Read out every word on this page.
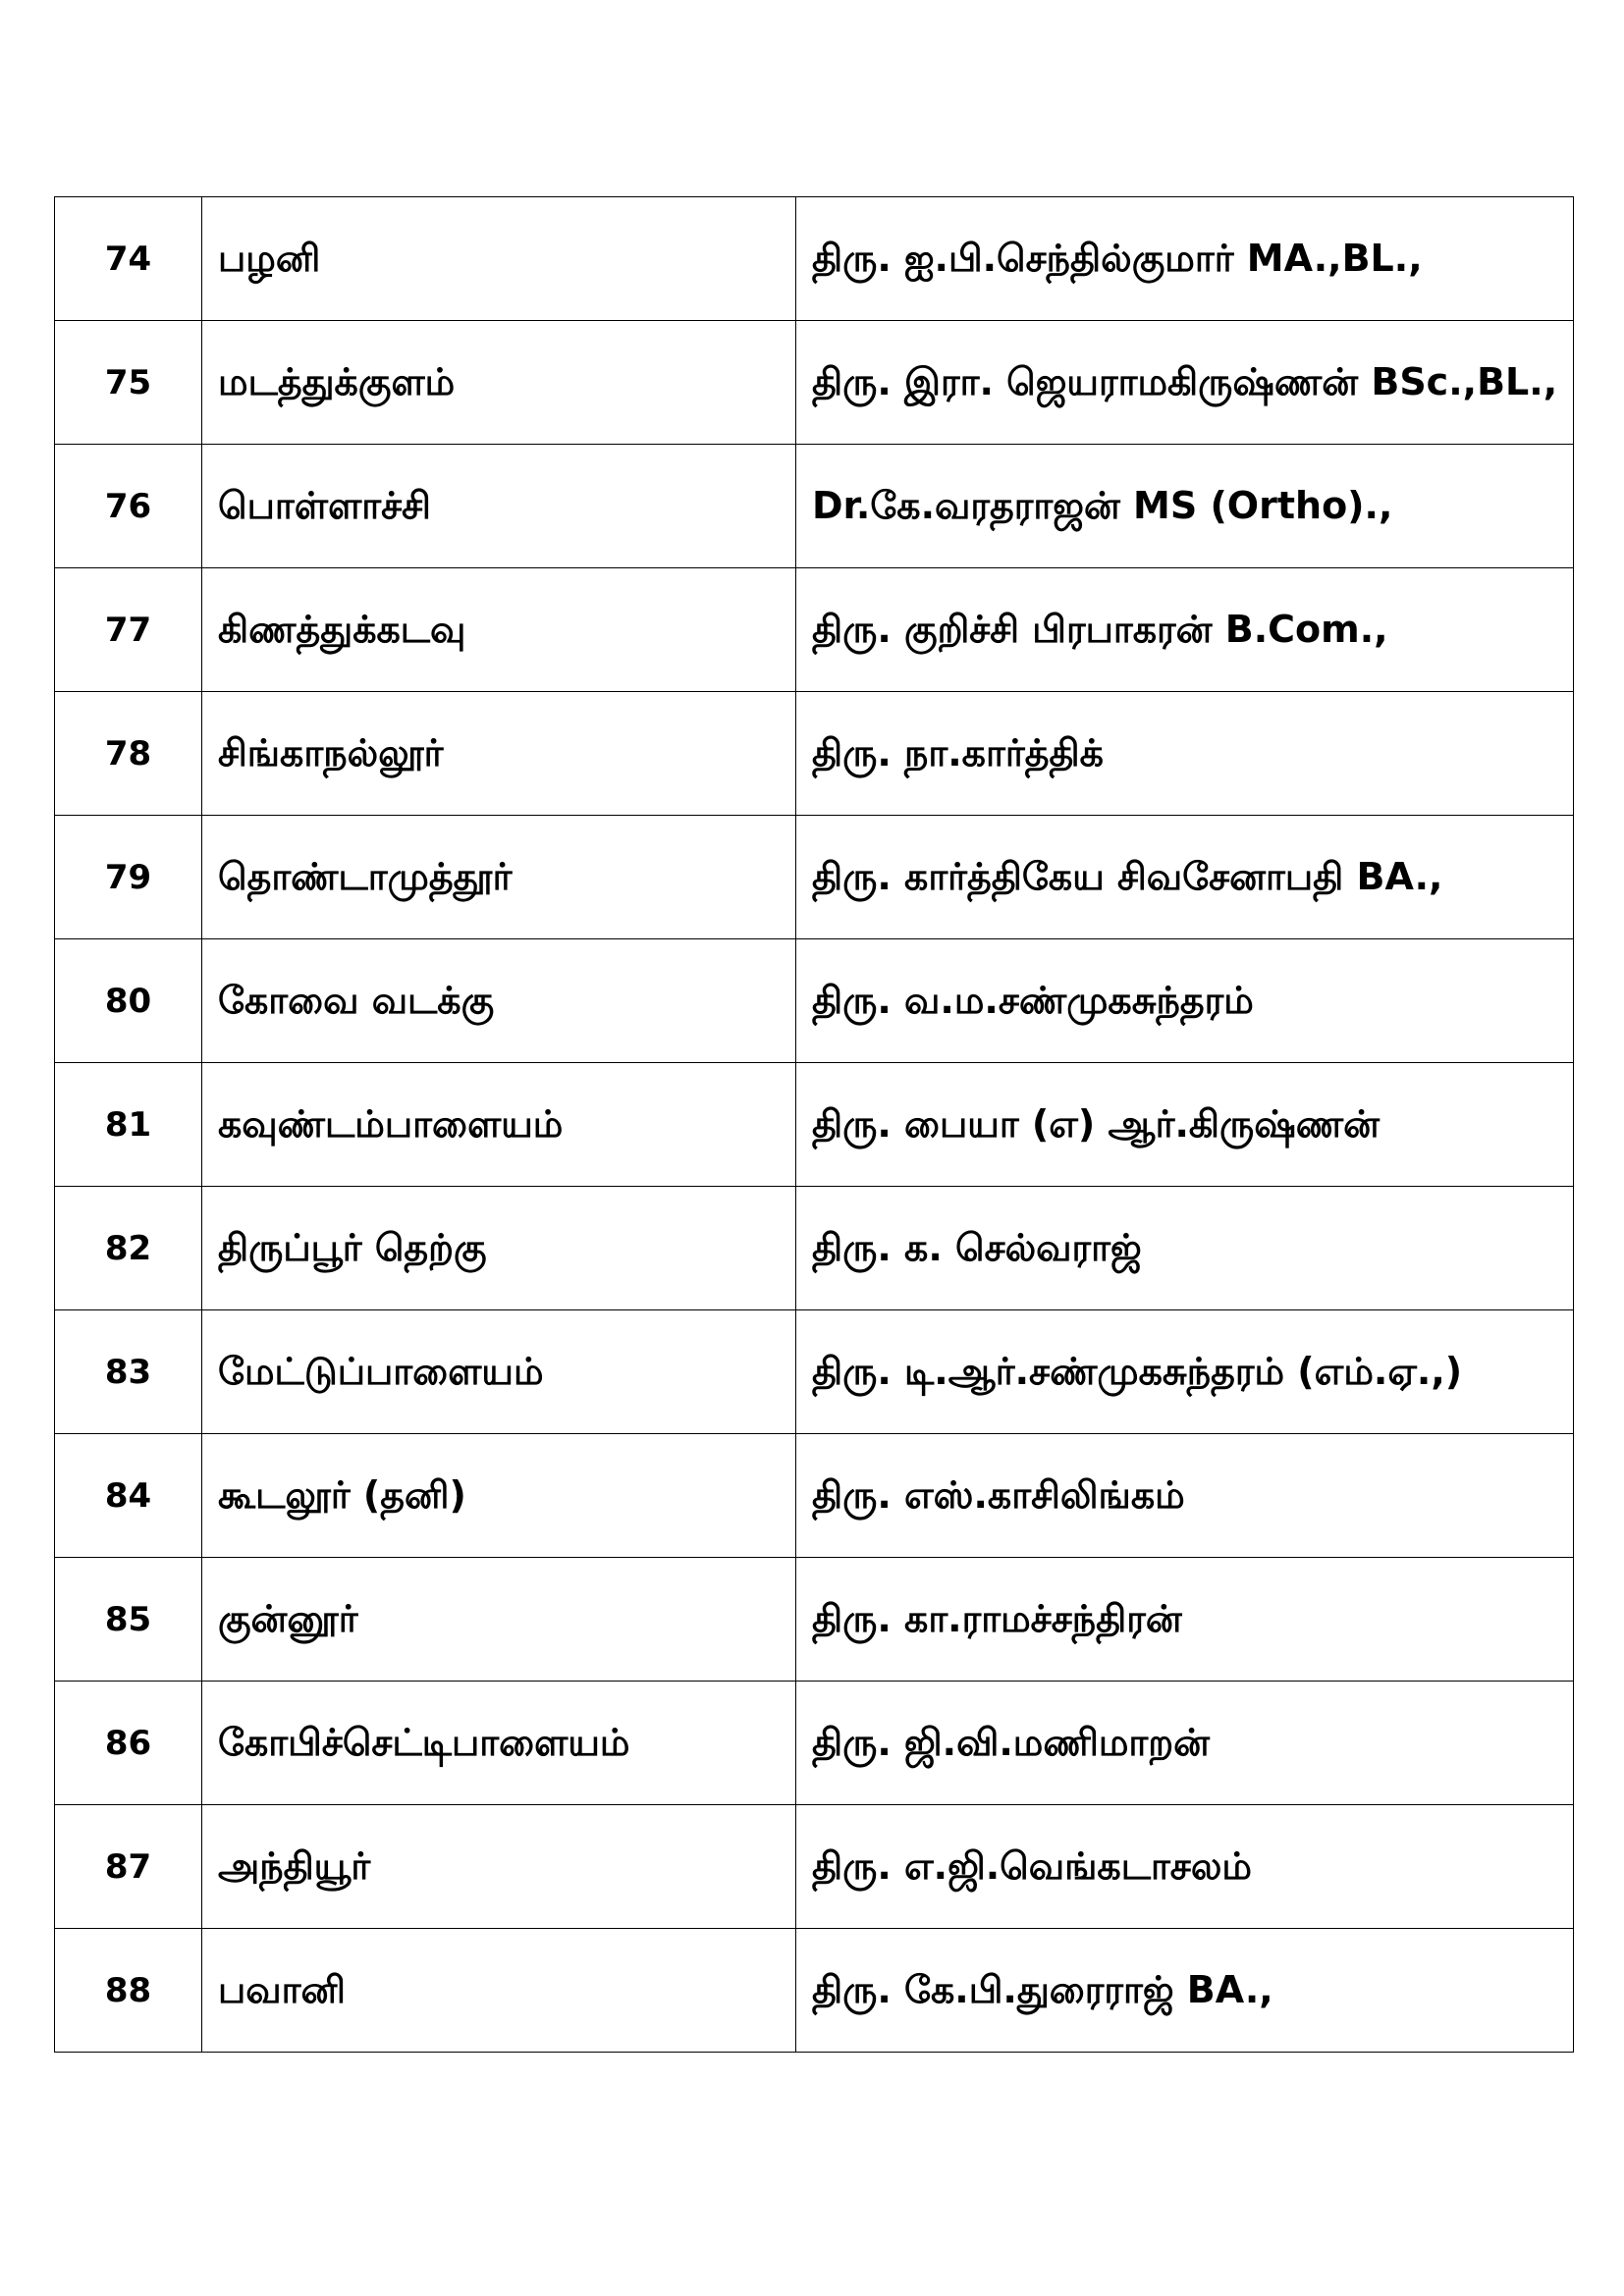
74	பழனி	திரு. ஐ.பி.செந்தில்குமார் MA.,BL.,
75	மடத்துக்குளம்	திரு. இரா. ஜெயராமகிருஷ்ணன் BSc.,BL.,
76	பொள்ளாச்சி	Dr.கே.வரதராஜன் MS (Ortho).,
77	கிணத்துக்கடவு	திரு. குறிச்சி பிரபாகரன் B.Com.,
78	சிங்காநல்லூர்	திரு. நா.கார்த்திக்
79	தொண்டாமுத்தூர்	திரு. கார்த்திகேய சிவசேனாபதி BA.,
80	கோவை வடக்கு	திரு. வ.ம.சண்முகசுந்தரம்
81	கவுண்டம்பாளையம்	திரு. பையா (எ) ஆர்.கிருஷ்ணன்
82	திருப்பூர் தெற்கு	திரு. க. செல்வராஜ்
83	மேட்டுப்பாளையம்	திரு. டி.ஆர்.சண்முகசுந்தரம் (எம்.ஏ.,)
84	கூடலூர் (தனி)	திரு. எஸ்.காசிலிங்கம்
85	குன்னூர்	திரு. கா.ராமச்சந்திரன்
86	கோபிச்செட்டிபாளையம்	திரு. ஜி.வி.மணிமாறன்
87	அந்தியூர்	திரு. எ.ஜி.வெங்கடாசலம்
88	பவானி	திரு. கே.பி.துரைராஜ் BA.,
